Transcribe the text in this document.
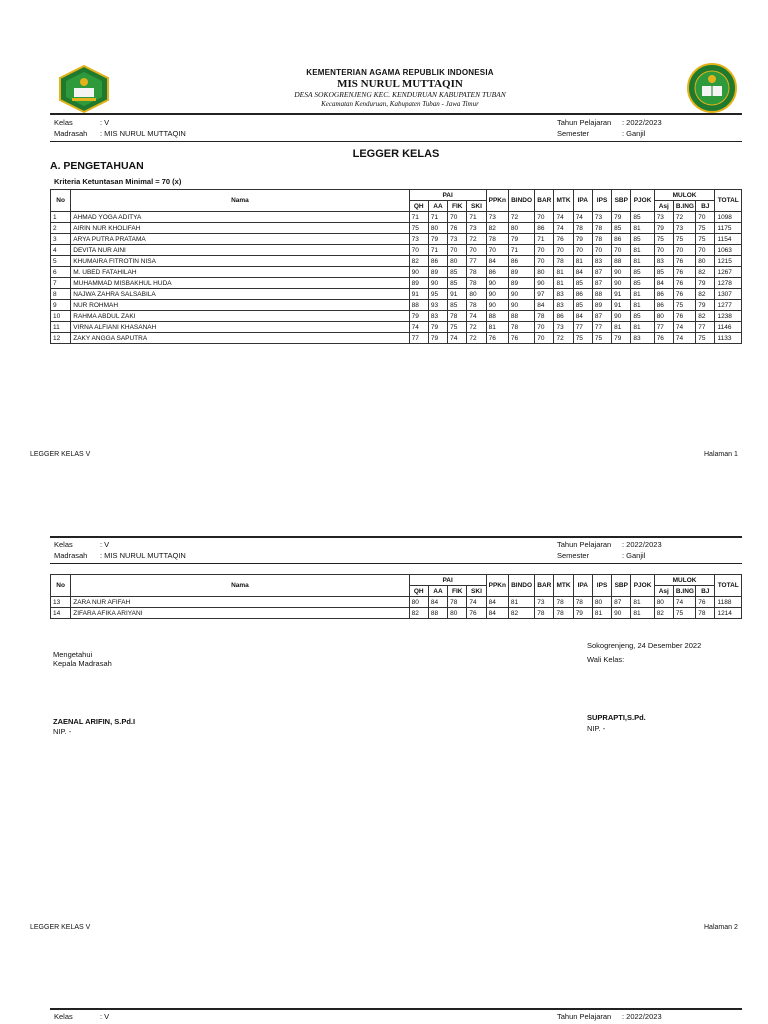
KEMENTERIAN AGAMA REPUBLIK INDONESIA
MIS NURUL MUTTAQIN
DESA SOKOGRENJENG KEC. KENDURUAN KABUPATEN TUBAN
Kecamatan Kenduruan, Kabupaten Tuban - Jawa Timur
Kelas	: V
Madrasah : MIS NURUL MUTTAQIN
Tahun Pelajaran : 2022/2023
Semester	: Ganjil
LEGGER KELAS
A. PENGETAHUAN
Kriteria Ketuntasan Minimal = 70 (x)
No	Nama	PAI				PPKn	BINDO	BAR	MTK	IPA	IPS	SBP	PJOK	MULOK			TOTAL
		QH	AA	FIK	SKI									Asj	B.ING	BJ	
1	AHMAD YOGA ADITYA	71	71	70	71	73	72	70	74	74	73	79	85	73	72	70	1098
2	AIRIN NUR KHOLIFAH	75	80	76	73	82	80	86	74	78	78	85	81	79	73	75	1175
3	ARYA PUTRA PRATAMA	73	79	73	72	78	79	71	76	79	78	86	85	75	75	75	1154
4	DEVITA NUR AINI	70	71	70	70	70	71	70	70	70	70	70	81	70	70	70	1063
5	KHUMAIRA FITROTIN NISA	82	86	80	77	84	86	70	78	81	83	88	81	83	76	80	1215
6	M. UBED FATAHILAH	90	89	85	78	86	89	80	81	84	87	90	85	85	76	82	1267
7	MUHAMMAD MISBAKHUL HUDA	89	90	85	78	90	89	90	81	85	87	90	85	84	76	79	1278
8	NAJWA ZAHRA SALSABILA	91	95	91	80	90	90	97	83	86	88	91	81	86	76	82	1307
9	NUR ROHMAH	88	93	85	78	90	90	84	83	85	89	91	81	86	75	79	1277
10	RAHMA ABDUL ZAKI	79	83	78	74	88	88	78	86	84	87	90	85	80	76	82	1238
11	VIRNA ALFIANI KHASANAH	74	79	75	72	81	78	70	73	77	77	81	81	77	74	77	1146
12	ZAKY ANGGA SAPUTRA	77	79	74	72	76	76	70	72	75	75	79	83	76	74	75	1133
LEGGER KELAS V	Halaman 1
Kelas	: V
Madrasah : MIS NURUL MUTTAQIN
Tahun Pelajaran : 2022/2023
Semester	: Ganjil
No	Nama	PAI				PPKn	BINDO	BAR	MTK	IPA	IPS	SBP	PJOK	MULOK			TOTAL
		QH	AA	FIK	SKI									Asj	B.ING	BJ	
13	ZARA NUR AFIFAH	80	84	78	74	84	81	73	78	78	80	87	81	80	74	76	1188
14	ZIFARA AFIKA ARIYANI	82	88	80	76	84	82	78	78	79	81	90	81	82	75	78	1214
Sokogrenjeng, 24 Desember 2022
Mengetahui
Wali Kelas:
Kepala Madrasah
ZAENAL ARIFIN, S.Pd.I
NIP. -
SUPRAPTI,S.Pd.
NIP. -
LEGGER KELAS V	Halaman 2
Kelas	: V	Tahun Pelajaran : 2022/2023
